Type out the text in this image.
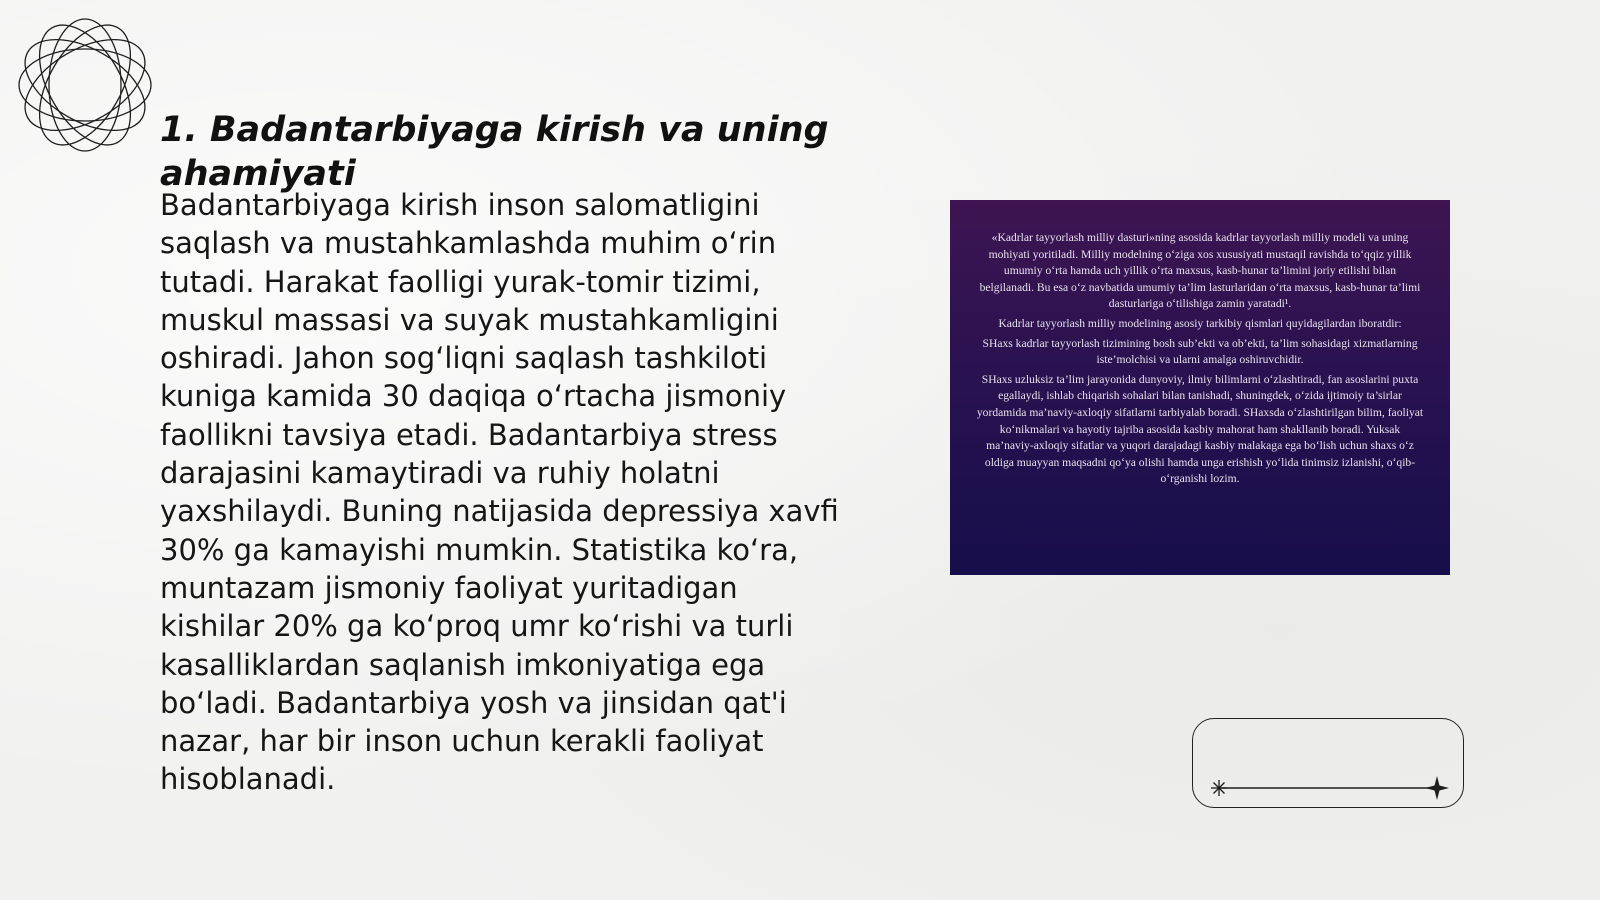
1. Badantarbiyaga kirish va uning ahamiyati

Badantarbiyaga kirish inson salomatligini saqlash va mustahkamlashda muhim oʻrin tutadi. Harakat faolligi yurak-tomir tizimi, muskul massasi va suyak mustahkamligini oshiradi. Jahon sogʻliqni saqlash tashkiloti kuniga kamida 30 daqiqa oʻrtacha jismoniy faollikni tavsiya etadi. Badantarbiya stress darajasini kamaytiradi va ruhiy holatni yaxshilaydi. Buning natijasida depressiya xavfi 30% ga kamayishi mumkin. Statistika koʻra, muntazam jismoniy faoliyat yuritadigan kishilar 20% ga koʻproq umr koʻrishi va turli kasalliklardan saqlanish imkoniyatiga ega boʻladi. Badantarbiya yosh va jinsidan qat'i nazar, har bir inson uchun kerakli faoliyat hisoblanadi.

«Kadrlar tayyorlash milliy dasturi»ning asosida kadrlar tayyorlash milliy modeli va uning mohiyati yoritiladi. Milliy modelning o‘ziga xos xususiyati mustaqil ravishda to‘qqiz yillik umumiy o‘rta hamda uch yillik o‘rta maxsus, kasb-hunar ta’limini joriy etilishi bilan belgilanadi. Bu esa o‘z navbatida umumiy ta’lim lasturlaridan o‘rta maxsus, kasb-hunar ta’limi dasturlariga o‘tilishiga zamin yaratadi¹.

Kadrlar tayyorlash milliy modelining asosiy tarkibiy qismlari quyidagilardan iboratdir:

SHaxs kadrlar tayyorlash tizimining bosh sub’ekti va ob’ekti, ta’lim sohasidagi xizmatlarning iste’molchisi va ularni amalga oshiruvchidir.

SHaxs uzluksiz ta’lim jarayonida dunyoviy, ilmiy bilimlarni o‘zlashtiradi, fan asoslarini puxta egallaydi, ishlab chiqarish sohalari bilan tanishadi, shuningdek, o‘zida ijtimoiy ta’sirlar yordamida ma’naviy-axloqiy sifatlarni tarbiyalab boradi. SHaxsda o‘zlashtirilgan bilim, faoliyat ko‘nikmalari va hayotiy tajriba asosida kasbiy mahorat ham shakllanib boradi. Yuksak ma’naviy-axloqiy sifatlar va yuqori darajadagi kasbiy malakaga ega bo‘lish uchun shaxs o‘z oldiga muayyan maqsadni qo‘ya olishi hamda unga erishish yo‘lida tinimsiz izlanishi, o‘qib-o‘rganishi lozim.
